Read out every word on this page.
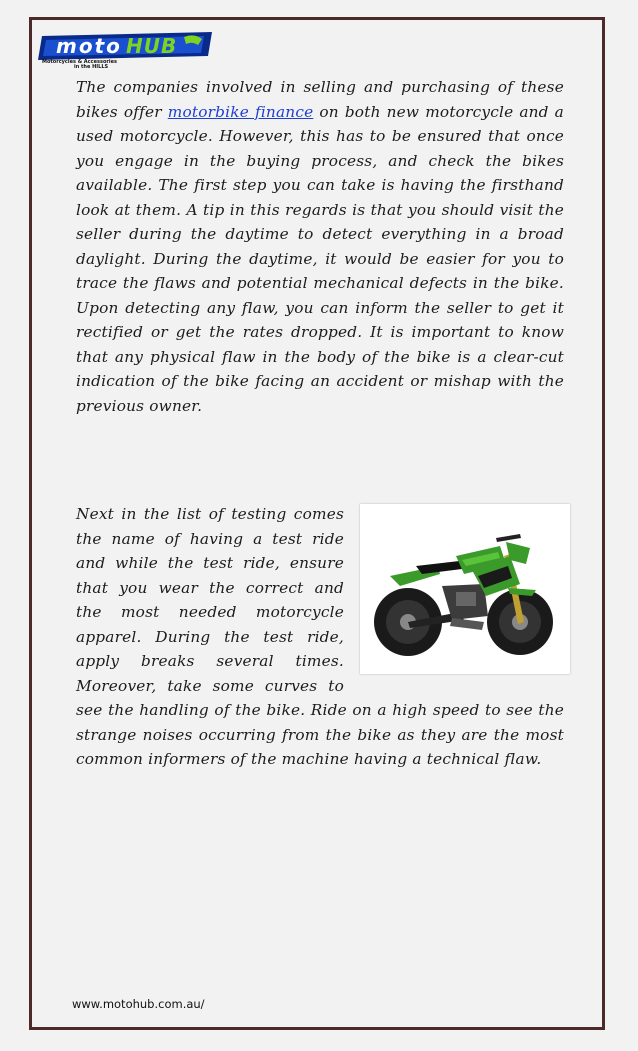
moto HUB
Motorcycles & Accessories
in the HILLS

The companies involved in selling and purchasing of these bikes offer motorbike finance on both new motorcycle and a used motorcycle. However, this has to be ensured that once you engage in the buying process, and check the bikes available. The first step you can take is having the firsthand look at them. A tip in this regards is that you should visit the seller during the daytime to detect everything in a broad daylight. During the daytime, it would be easier for you to trace the flaws and potential mechanical defects in the bike. Upon detecting any flaw, you can inform the seller to get it rectified or get the rates dropped. It is important to know that any physical flaw in the body of the bike is a clear-cut indication of the bike facing an accident or mishap with the previous owner.

Next in the list of testing comes the name of having a test ride and while the test ride, ensure that you wear the correct and the most needed motorcycle apparel. During the test ride, apply breaks several times. Moreover, take some curves to see the handling of the bike. Ride on a high speed to see the strange noises occurring from the bike as they are the most common informers of the machine having a technical flaw.
www.motohub.com.au/
